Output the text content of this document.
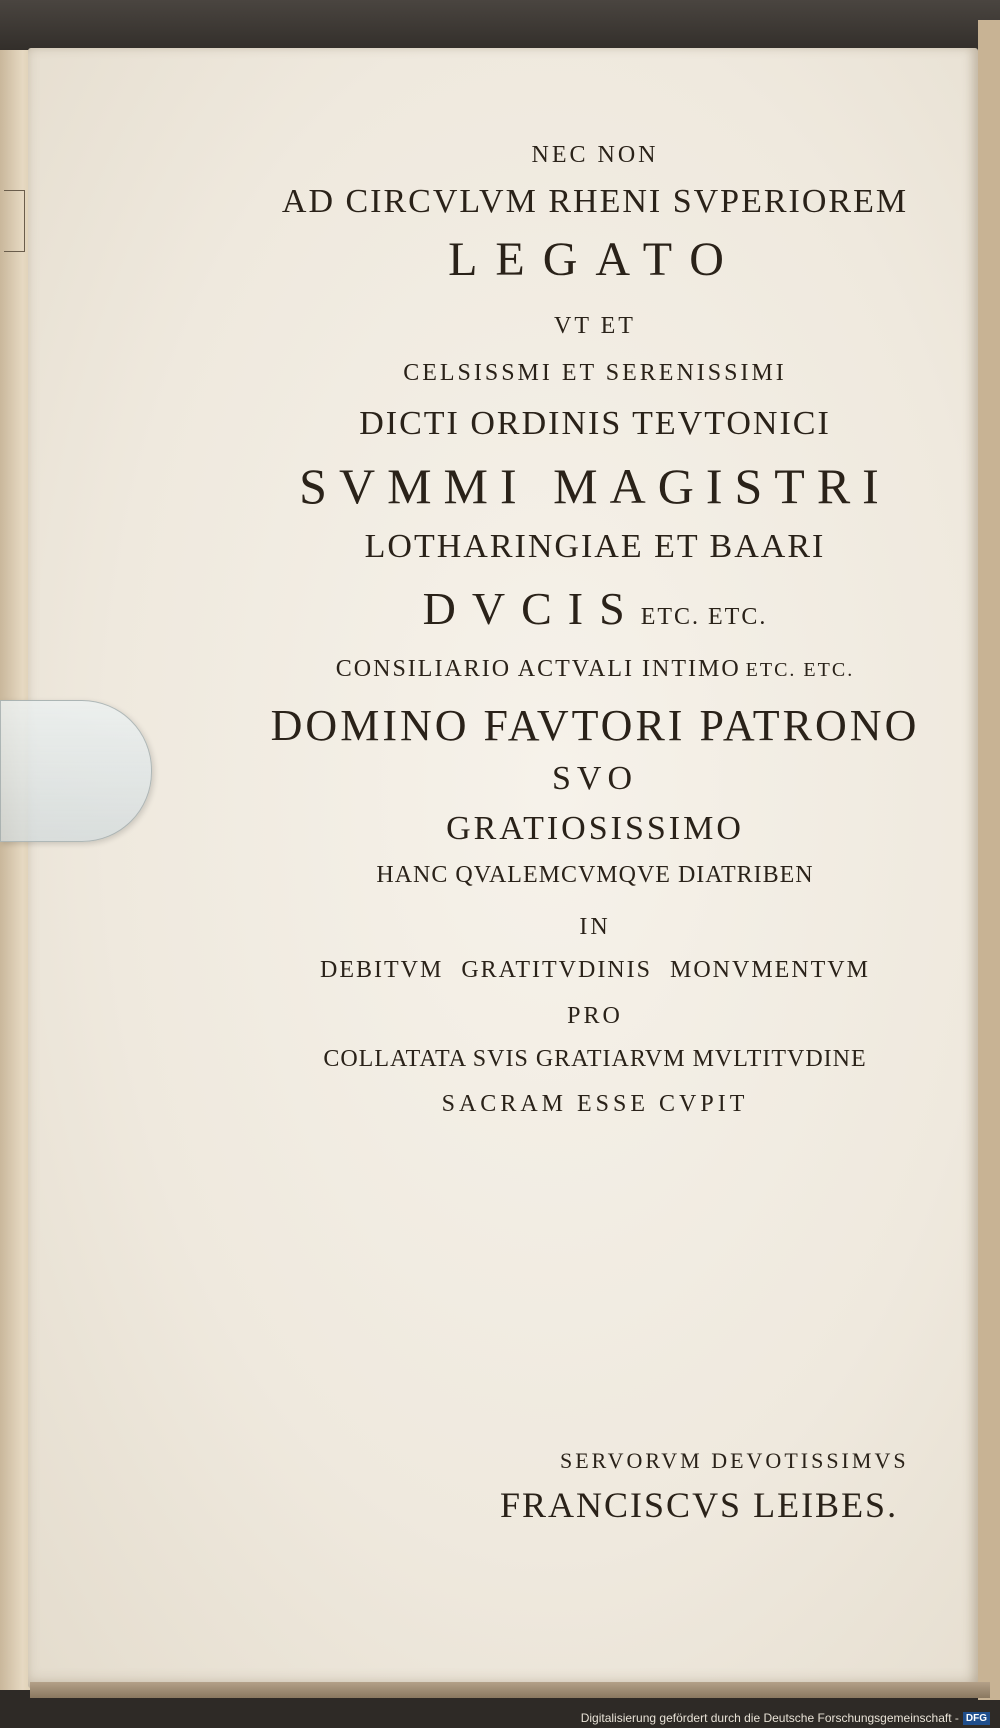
NEC NON
AD CIRCVLVM RHENI SVPERIOREM
LEGATO
VT ET
CELSISSMI ET SERENISSIMI
DICTI ORDINIS TEVTONICI
SVMMI MAGISTRI
LOTHARINGIAE ET BAARI
DVCISETC. ETC.
CONSILIARIO ACTVALI INTIMO ETC. ETC.
DOMINO FAVTORI PATRONO
SVO
GRATIOSISSIMO
HANC QVALEMCVMQVE DIATRIBEN
IN
DEBITVM GRATITVDINIS MONVMENTVM
PRO
COLLATATA SVIS GRATIARVM MVLTITVDINE
SACRAM ESSE CVPIT
SERVORVM DEVOTISSIMVS
FRANCISCVS LEIBES.
Digitalisierung gefördert durch die Deutsche Forschungsgemeinschaft - DFG
